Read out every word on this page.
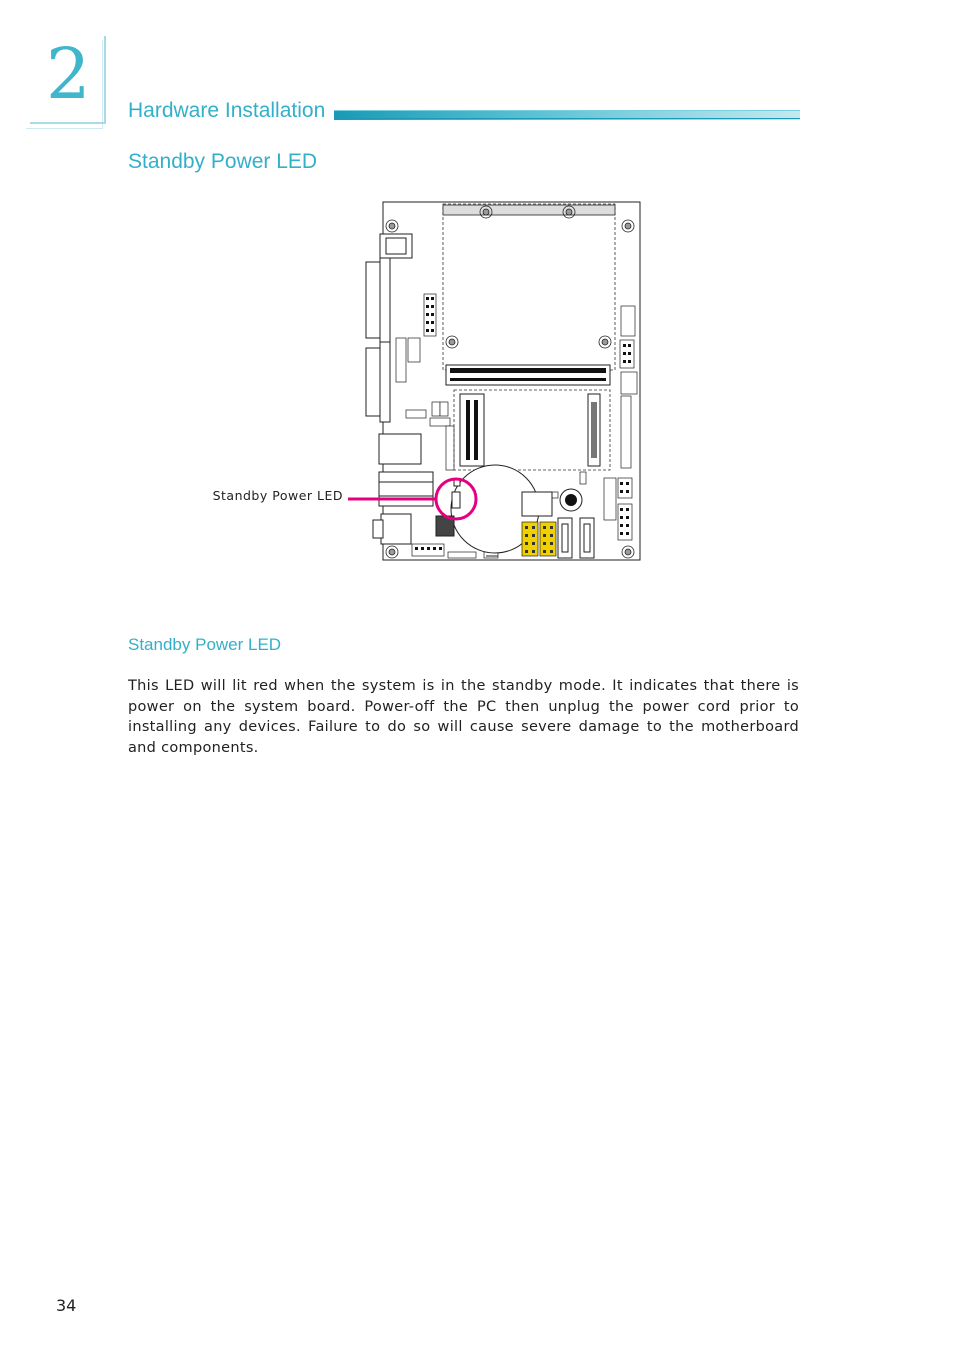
2 Hardware Installation
Standby Power LED
Standby Power LED
Standby Power LED
This LED will lit red when the system is in the standby mode. It indicates that there is power on the system board. Power-off the PC then unplug the power cord prior to installing any devices. Failure to do so will cause severe damage to the motherboard and components.
34
